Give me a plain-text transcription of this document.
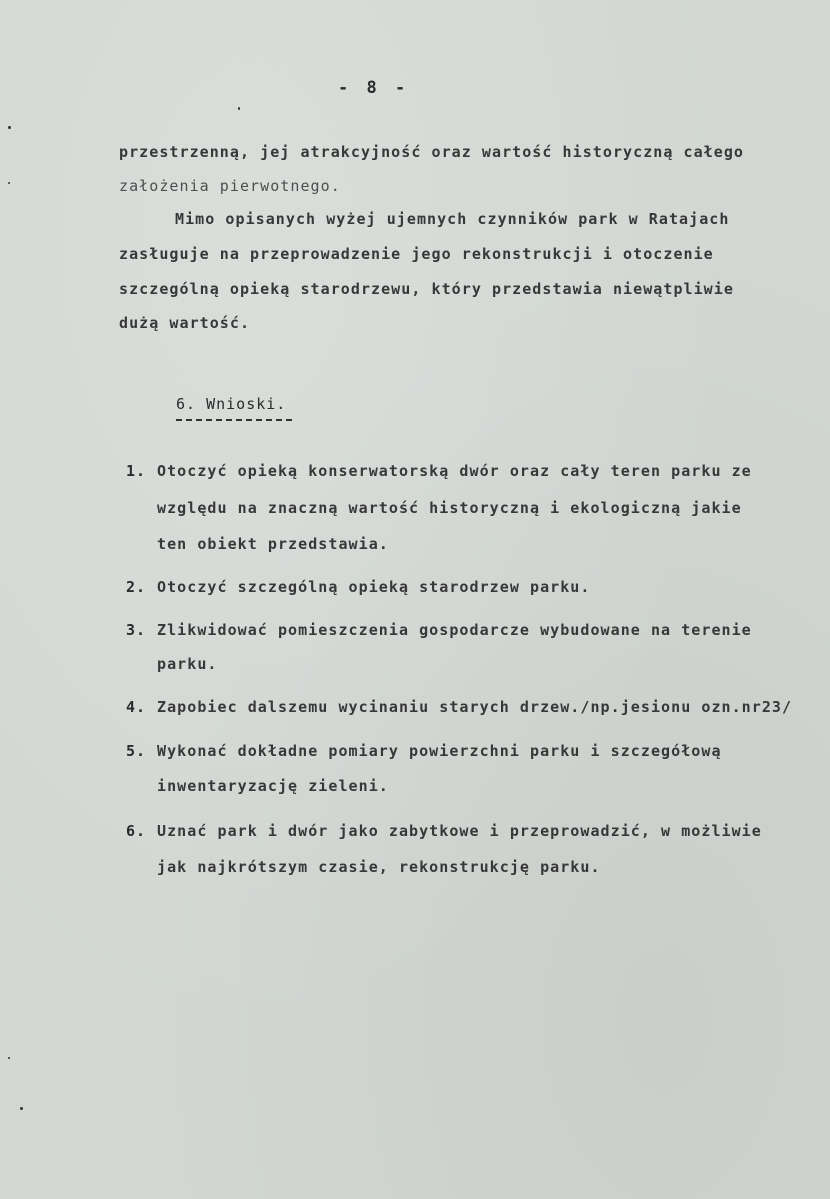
- 8 -
przestrzenną, jej atrakcyjność oraz wartość historyczną całego
założenia pierwotnego.
Mimo opisanych wyżej ujemnych czynników park w Ratajach
zasługuje na przeprowadzenie jego rekonstrukcji i otoczenie
szczególną opieką starodrzewu, który przedstawia niewątpliwie
dużą wartość.
6. Wnioski.
1. Otoczyć opieką konserwatorską dwór oraz cały teren parku ze
względu na znaczną wartość historyczną i ekologiczną jakie
ten obiekt przedstawia.
2. Otoczyć szczególną opieką starodrzew parku.
3. Zlikwidować pomieszczenia gospodarcze wybudowane na terenie
parku.
4. Zapobiec dalszemu wycinaniu starych drzew./np.jesionu ozn.nr23/
5. Wykonać dokładne pomiary powierzchni parku i szczegółową
inwentaryzację zieleni.
6. Uznać park i dwór jako zabytkowe i przeprowadzić, w możliwie
jak najkrótszym czasie, rekonstrukcję parku.
